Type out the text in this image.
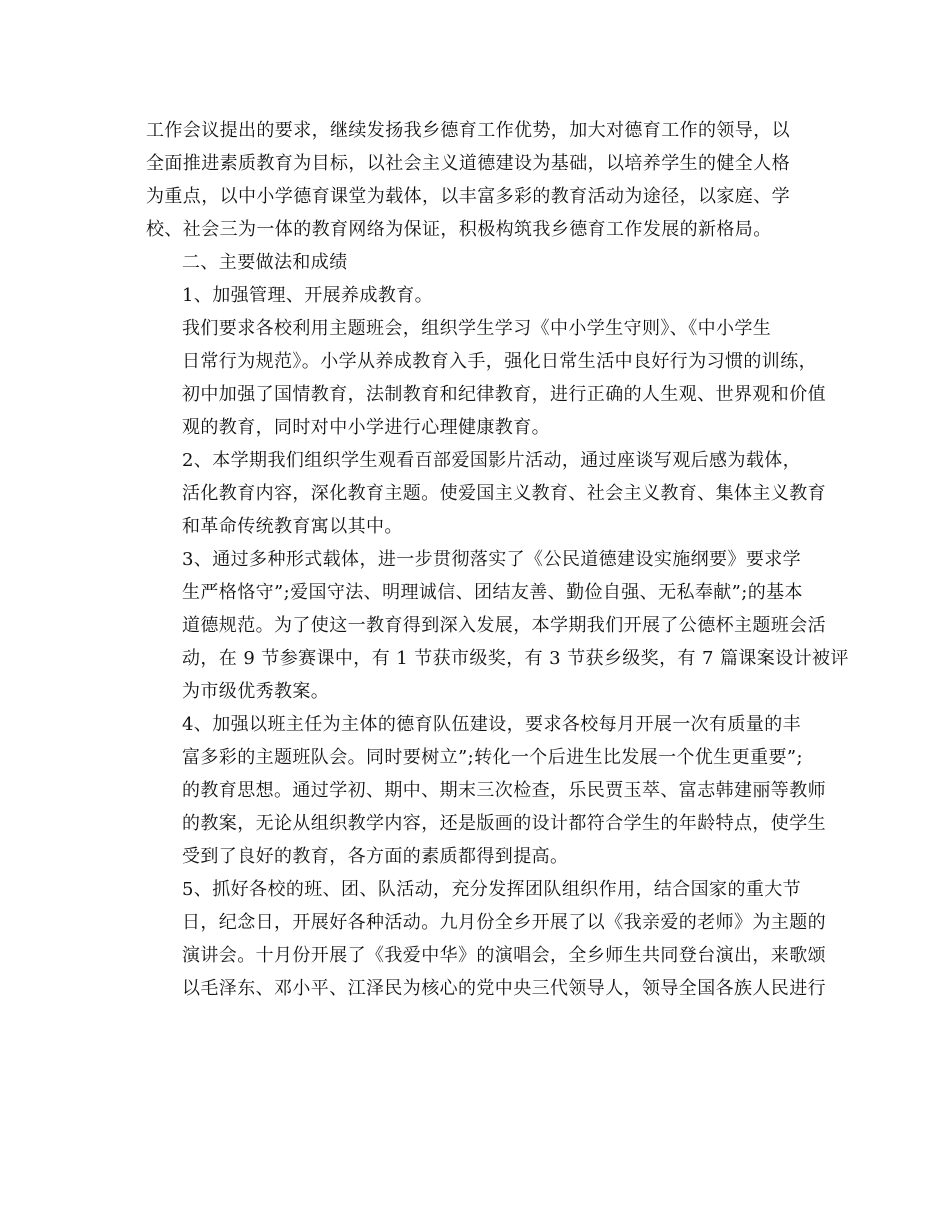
工作会议提出的要求，继续发扬我乡德育工作优势，加大对德育工作的领导，以
全面推进素质教育为目标，以社会主义道德建设为基础，以培养学生的健全人格
为重点，以中小学德育课堂为载体，以丰富多彩的教育活动为途径，以家庭、学
校、社会三为一体的教育网络为保证，积极构筑我乡德育工作发展的新格局。

二、主要做法和成绩

1、加强管理、开展养成教育。

我们要求各校利用主题班会，组织学生学习《中小学生守则》、《中小学生
日常行为规范》。小学从养成教育入手，强化日常生活中良好行为习惯的训练，
初中加强了国情教育，法制教育和纪律教育，进行正确的人生观、世界观和价值
观的教育，同时对中小学进行心理健康教育。

2、本学期我们组织学生观看百部爱国影片活动，通过座谈写观后感为载体，
活化教育内容，深化教育主题。使爱国主义教育、社会主义教育、集体主义教育
和革命传统教育寓以其中。

3、通过多种形式载体，进一步贯彻落实了《公民道德建设实施纲要》要求学
生严格恪守”;爱国守法、明理诚信、团结友善、勤俭自强、无私奉献”;的基本
道德规范。为了使这一教育得到深入发展，本学期我们开展了公德杯主题班会活
动，在 9 节参赛课中，有 1 节获市级奖，有 3 节获乡级奖，有 7 篇课案设计被评
为市级优秀教案。

4、加强以班主任为主体的德育队伍建设，要求各校每月开展一次有质量的丰
富多彩的主题班队会。同时要树立”;转化一个后进生比发展一个优生更重要”;
的教育思想。通过学初、期中、期末三次检查，乐民贾玉萃、富志韩建丽等教师
的教案，无论从组织教学内容，还是版画的设计都符合学生的年龄特点，使学生
受到了良好的教育，各方面的素质都得到提高。

5、抓好各校的班、团、队活动，充分发挥团队组织作用，结合国家的重大节
日，纪念日，开展好各种活动。九月份全乡开展了以《我亲爱的老师》为主题的
演讲会。十月份开展了《我爱中华》的演唱会，全乡师生共同登台演出，来歌颂
以毛泽东、邓小平、江泽民为核心的党中央三代领导人，领导全国各族人民进行
